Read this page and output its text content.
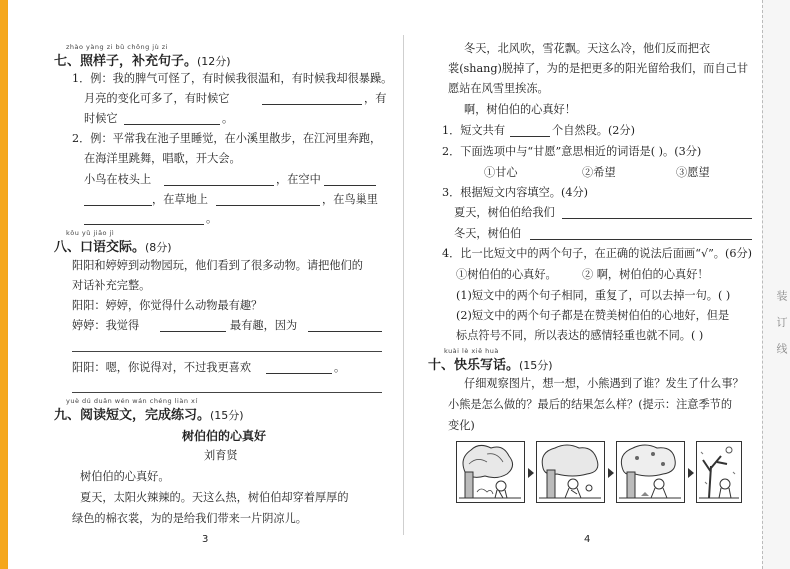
zhào yàng zi bǔ chōng jù zi
七、照样子，补充句子。(12分)
1．例：我的脾气可怪了，有时候我很温和，有时候我却很暴躁。
月亮的变化可多了，有时候它	，有
时候它	。
2．例：平常我在池子里睡觉，在小溪里散步，在江河里奔跑，
在海洋里跳舞，唱歌，开大会。
小鸟在枝头上	，在空中
，在草地上	，在鸟巢里
。
kǒu yǔ jiāo jì
八、口语交际。(8分)
阳阳和婷婷到动物园玩，他们看到了很多动物。请把他们的
对话补充完整。
阳阳：婷婷，你觉得什么动物最有趣？
婷婷：我觉得	最有趣，因为
阳阳：嗯，你说得对，不过我更喜欢	。
yuè dú duǎn wén wán chéng liàn xí
九、阅读短文，完成练习。(15分)
树伯伯的心真好
刘育贤
树伯伯的心真好。
夏天，太阳火辣辣的。天这么热，树伯伯却穿着厚厚的
绿色的棉衣裳，为的是给我们带来一片阴凉儿。
3
冬天，北风吹，雪花飘。天这么冷，他们反而把衣
裳(shang)脱掉了，为的是把更多的阳光留给我们，而自己甘
愿站在风雪里挨冻。
啊，树伯伯的心真好！
1．短文共有	个自然段。(2分)
2．下面选项中与“甘愿”意思相近的词语是( )。(3分)
①甘心	②希望	③愿望
3．根据短文内容填空。(4分)
夏天，树伯伯给我们
冬天，树伯伯
4．比一比短文中的两个句子，在正确的说法后面画“√”。(6分)
①树伯伯的心真好。 ② 啊，树伯伯的心真好！
(1)短文中的两个句子相同，重复了，可以去掉一句。( )
(2)短文中的两个句子都是在赞美树伯伯的心地好，但是
标点符号不同，所以表达的感情轻重也就不同。( )
kuài lè xiě huà
十、快乐写话。(15分)
仔细观察图片，想一想，小熊遇到了谁？发生了什么事？
小熊是怎么做的？最后的结果怎么样？(提示：注意季节的
变化)
4
装 订 线
